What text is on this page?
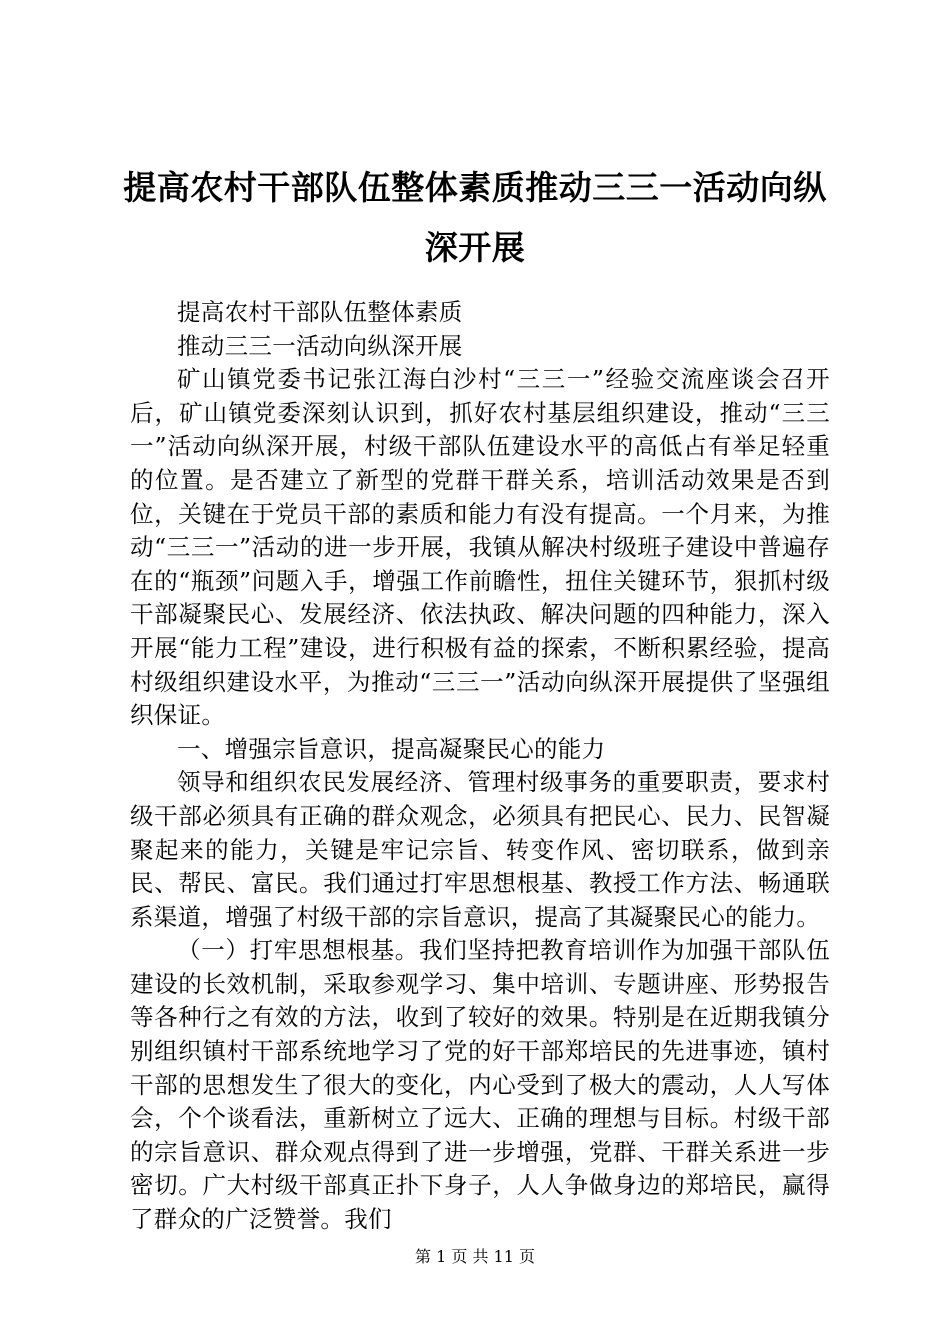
提高农村干部队伍整体素质推动三三一活动向纵深开展

提高农村干部队伍整体素质

推动三三一活动向纵深开展

矿山镇党委书记张江海白沙村“三三一”经验交流座谈会召开后，矿山镇党委深刻认识到，抓好农村基层组织建设，推动“三三一”活动向纵深开展，村级干部队伍建设水平的高低占有举足轻重的位置。是否建立了新型的党群干群关系，培训活动效果是否到位，关键在于党员干部的素质和能力有没有提高。一个月来，为推动“三三一”活动的进一步开展，我镇从解决村级班子建设中普遍存在的“瓶颈”问题入手，增强工作前瞻性，扭住关键环节，狠抓村级干部凝聚民心、发展经济、依法执政、解决问题的四种能力，深入开展“能力工程”建设，进行积极有益的探索，不断积累经验，提高村级组织建设水平，为推动“三三一”活动向纵深开展提供了坚强组织保证。

一、增强宗旨意识，提高凝聚民心的能力

领导和组织农民发展经济、管理村级事务的重要职责，要求村级干部必须具有正确的群众观念，必须具有把民心、民力、民智凝聚起来的能力，关键是牢记宗旨、转变作风、密切联系，做到亲民、帮民、富民。我们通过打牢思想根基、教授工作方法、畅通联系渠道，增强了村级干部的宗旨意识，提高了其凝聚民心的能力。

（一）打牢思想根基。我们坚持把教育培训作为加强干部队伍建设的长效机制，采取参观学习、集中培训、专题讲座、形势报告等各种行之有效的方法，收到了较好的效果。特别是在近期我镇分别组织镇村干部系统地学习了党的好干部郑培民的先进事迹，镇村干部的思想发生了很大的变化，内心受到了极大的震动，人人写体会，个个谈看法，重新树立了远大、正确的理想与目标。村级干部的宗旨意识、群众观点得到了进一步增强，党群、干群关系进一步密切。广大村级干部真正扑下身子，人人争做身边的郑培民，赢得了群众的广泛赞誉。我们

第 1 页 共 11 页
